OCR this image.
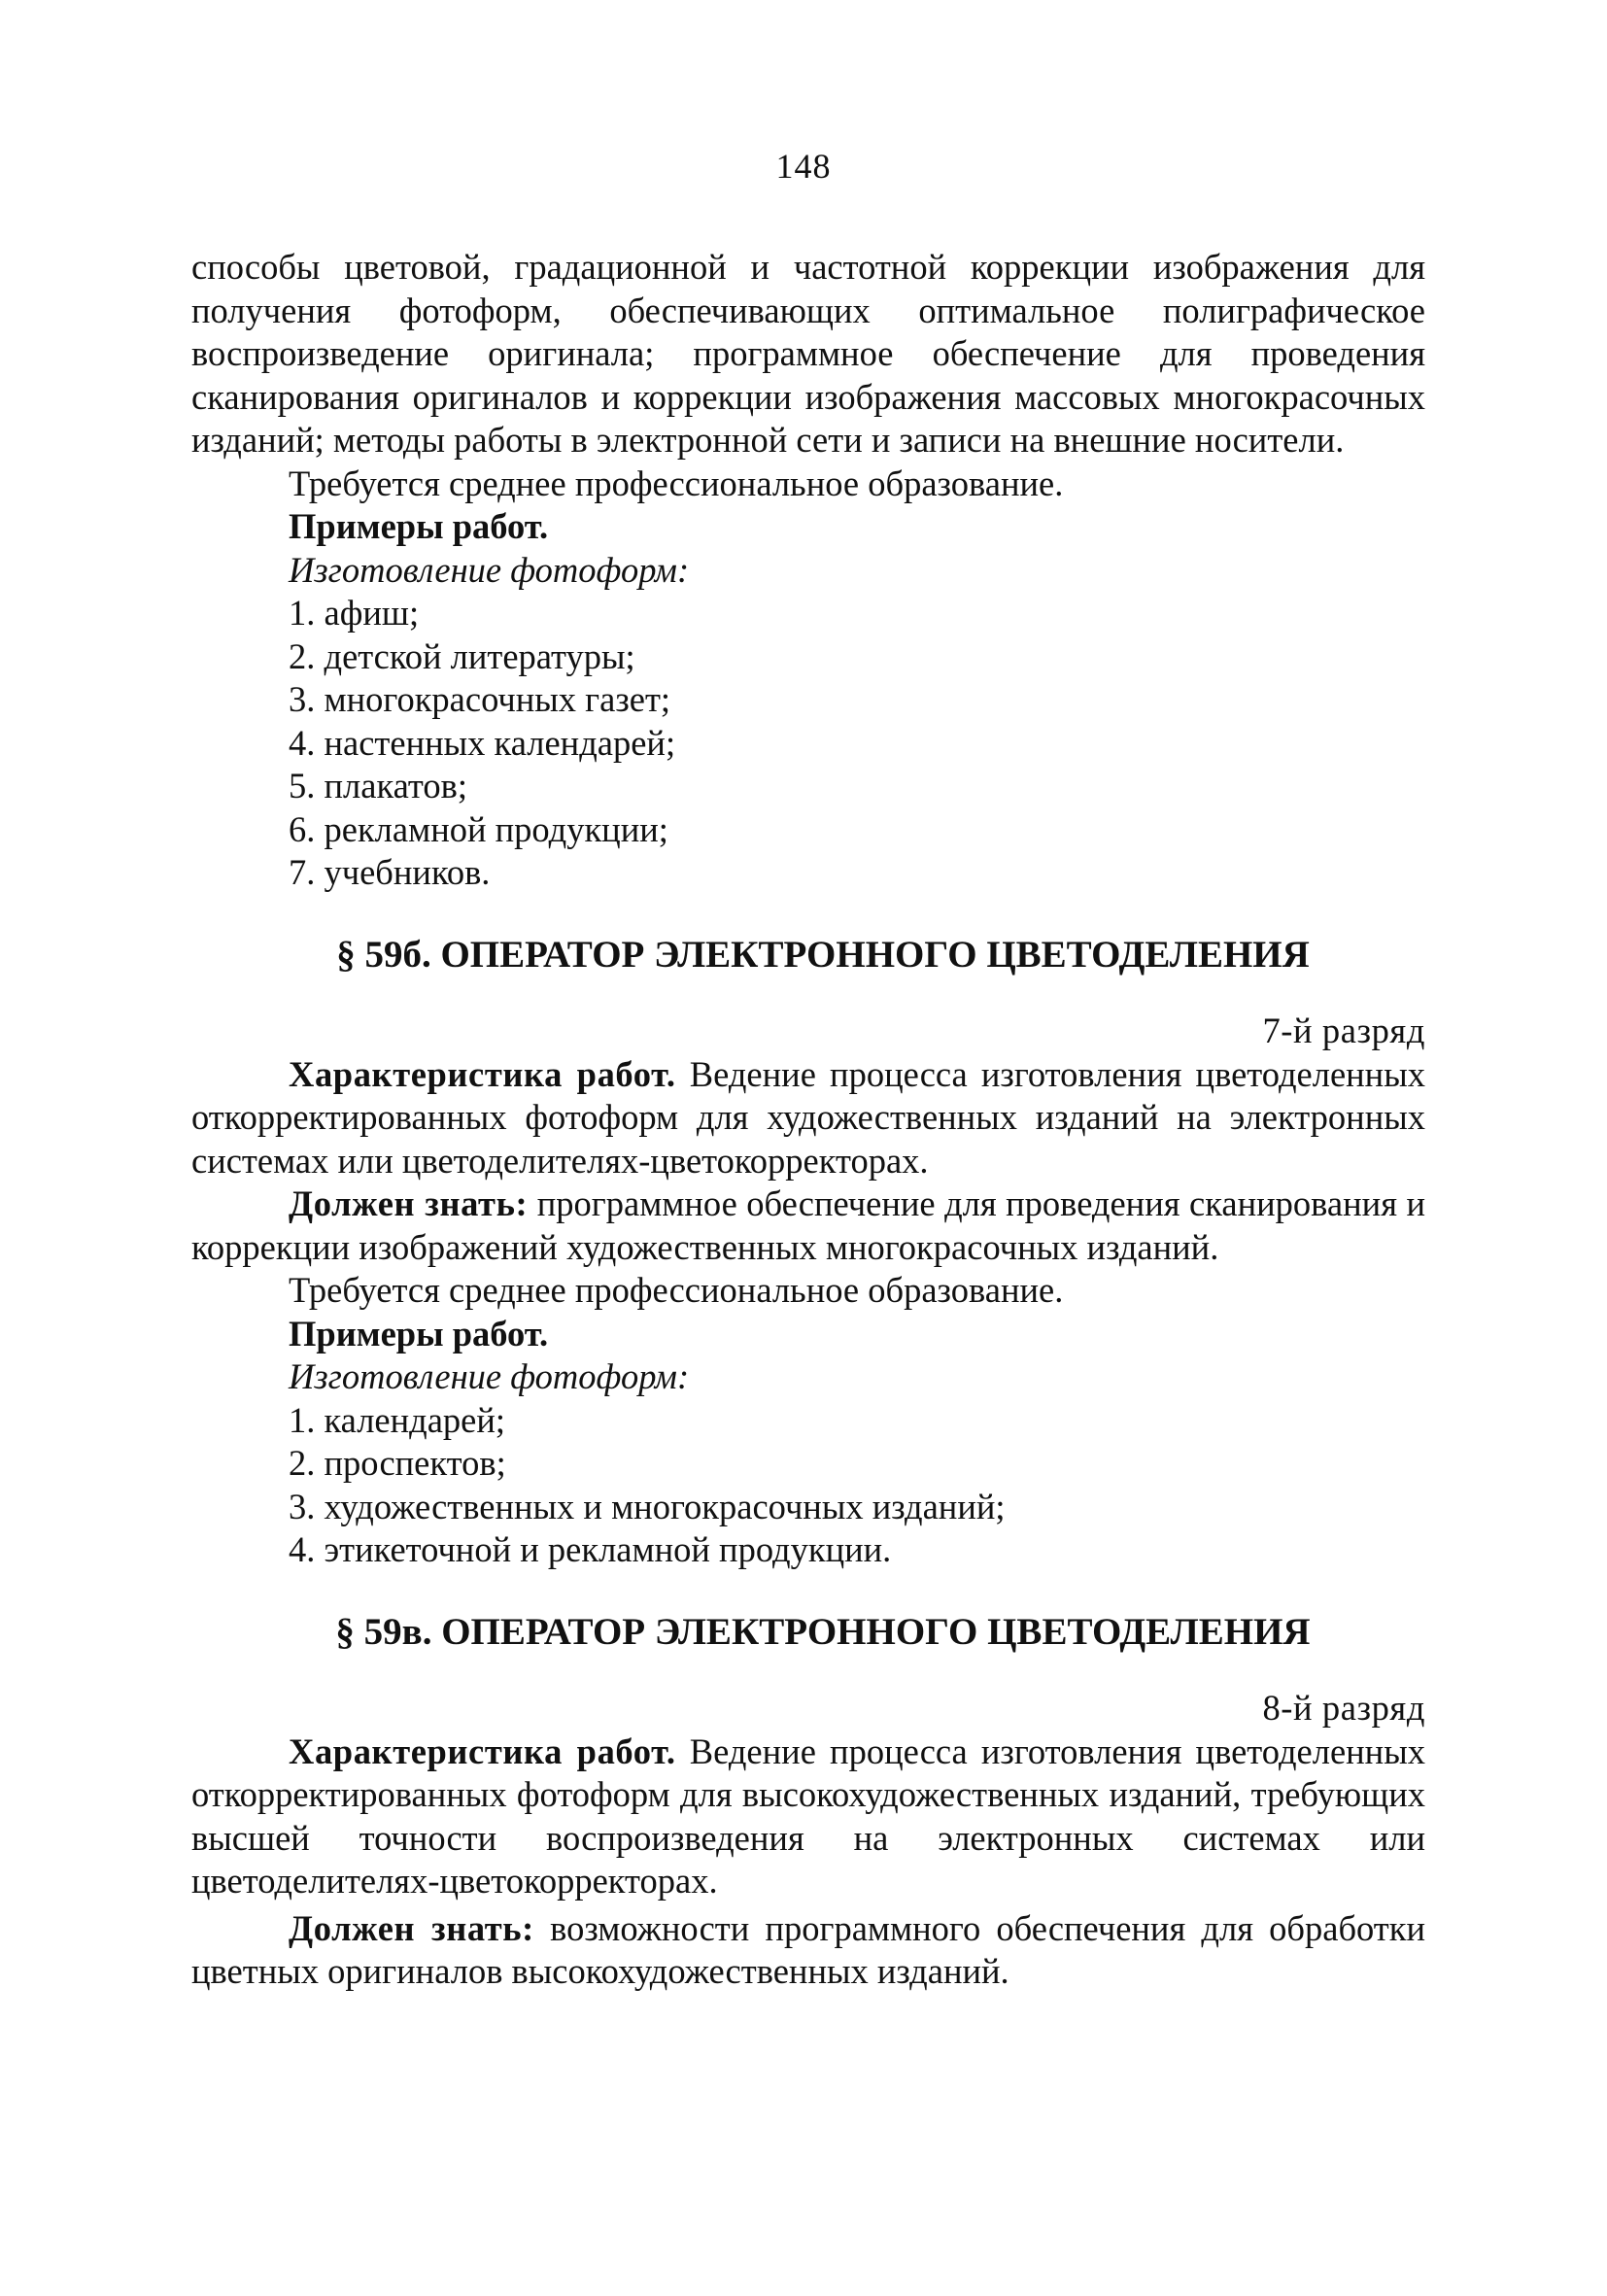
148

способы цветовой, градационной и частотной коррекции изображения для получения фотоформ, обеспечивающих оптимальное полиграфическое воспроизведение оригинала; программное обеспечение для проведения сканирования оригиналов и коррекции изображения массовых многокрасочных изданий; методы работы в электронной сети и записи на внешние носители.

Требуется среднее профессиональное образование.

Примеры работ.

Изготовление фотоформ:

1. афиш;

2. детской литературы;

3. многокрасочных газет;

4. настенных календарей;

5. плакатов;

6. рекламной продукции;

7. учебников.

§ 59б. ОПЕРАТОР ЭЛЕКТРОННОГО ЦВЕТОДЕЛЕНИЯ

7-й разряд

Характеристика работ. Ведение процесса изготовления цветоделенных откорректированных фотоформ для художественных изданий на электронных системах или цветоделителях-цветокорректорах.

Должен знать: программное обеспечение для проведения сканирования и коррекции изображений художественных многокрасочных изданий.

Требуется среднее профессиональное образование.

Примеры работ.

Изготовление фотоформ:

1. календарей;

2. проспектов;

3. художественных и многокрасочных изданий;

4. этикеточной и рекламной продукции.

§ 59в. ОПЕРАТОР ЭЛЕКТРОННОГО ЦВЕТОДЕЛЕНИЯ

8-й разряд

Характеристика работ. Ведение процесса изготовления цветоделенных откорректированных фотоформ для высокохудожественных изданий, требующих высшей точности воспроизведения на электронных системах или цветоделителях-цветокорректорах.

Должен знать: возможности программного обеспечения для обработки цветных оригиналов высокохудожественных изданий.
